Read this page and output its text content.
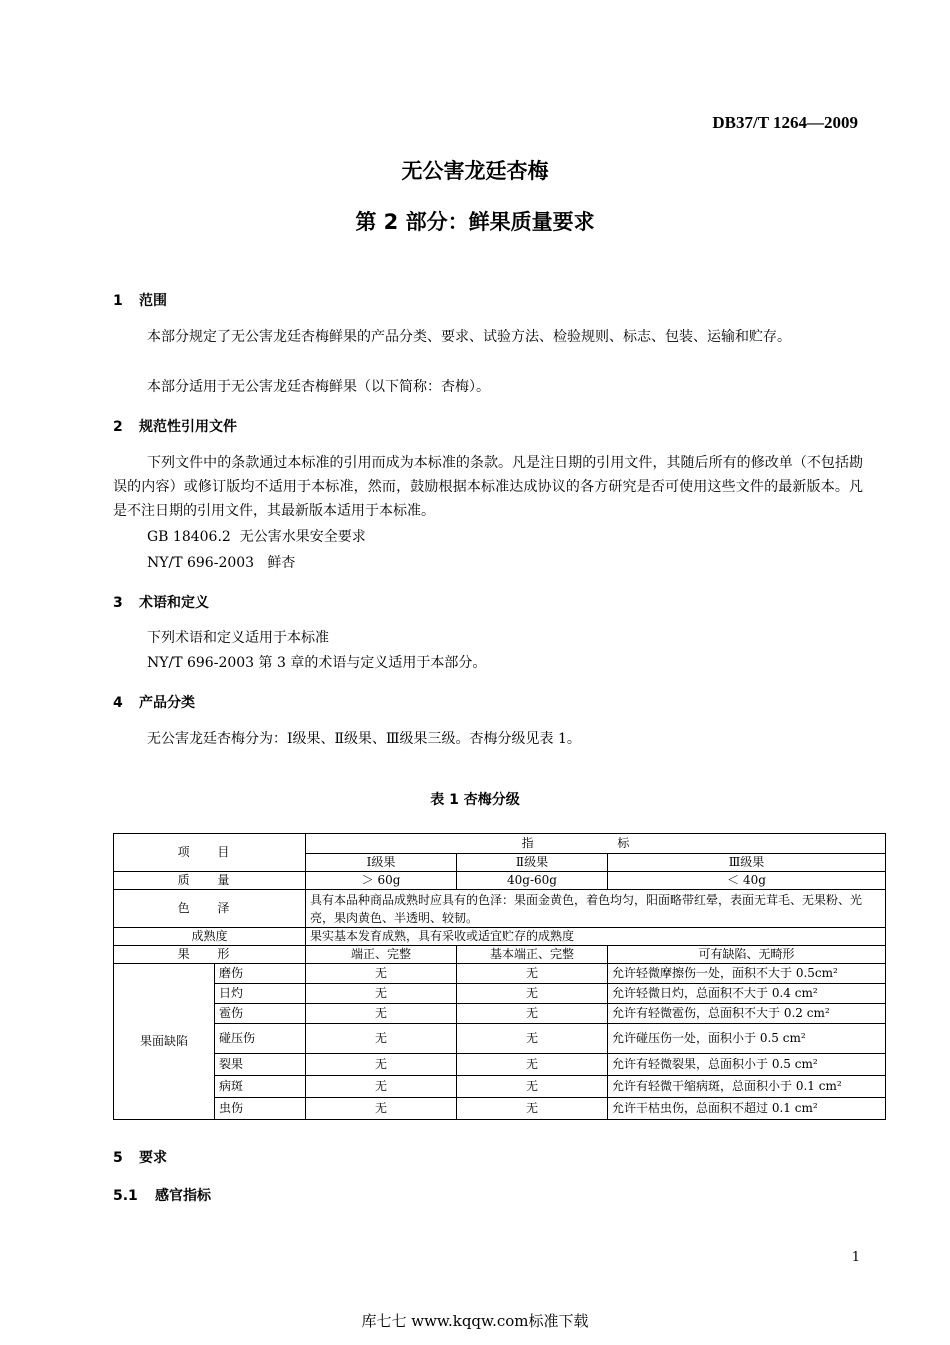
DB37/T 1264—2009
无公害龙廷杏梅
第 2 部分：鲜果质量要求
1 范围
本部分规定了无公害龙廷杏梅鲜果的产品分类、要求、试验方法、检验规则、标志、包装、运输和贮存。
本部分适用于无公害龙廷杏梅鲜果（以下简称：杏梅）。
2 规范性引用文件
下列文件中的条款通过本标准的引用而成为本标准的条款。凡是注日期的引用文件，其随后所有的修改单（不包括勘误的内容）或修订版均不适用于本标准，然而，鼓励根据本标准达成协议的各方研究是否可使用这些文件的最新版本。凡是不注日期的引用文件，其最新版本适用于本标准。
GB 18406.2  无公害水果安全要求
NY/T 696-2003   鲜杏
3 术语和定义
下列术语和定义适用于本标准
NY/T 696-2003 第 3 章的术语与定义适用于本部分。
4 产品分类
无公害龙廷杏梅分为：Ⅰ级果、Ⅱ级果、Ⅲ级果三级。杏梅分级见表 1。
表 1 杏梅分级
项 目		指 标		
		Ⅰ级果	Ⅱ级果	Ⅲ级果
质 量		＞ 60g	40g-60g	＜ 40g
色 泽		具有本品种商品成熟时应具有的色泽：果面金黄色，着色均匀，阳面略带红晕，表面无茸毛、无果粉、光亮，果肉黄色、半透明、较韧。		
成熟度		果实基本发育成熟，具有采收或适宜贮存的成熟度		
果 形		端正、完整	基本端正、完整	可有缺陷、无畸形
果面缺陷	磨伤	无	无	允许轻微摩擦伤一处，面积不大于 0.5cm²
	日灼	无	无	允许轻微日灼，总面积不大于 0.4 cm²
	雹伤	无	无	允许有轻微雹伤，总面积不大于 0.2 cm²
	碰压伤	无	无	允许碰压伤一处，面积小于 0.5 cm²
	裂果	无	无	允许有轻微裂果，总面积小于 0.5 cm²
	病斑	无	无	允许有轻微干缩病斑，总面积小于 0.1 cm²
	虫伤	无	无	允许干枯虫伤，总面积不超过 0.1 cm²
5 要求
5.1 感官指标
1
库七七 www.kqqw.com标准下载
